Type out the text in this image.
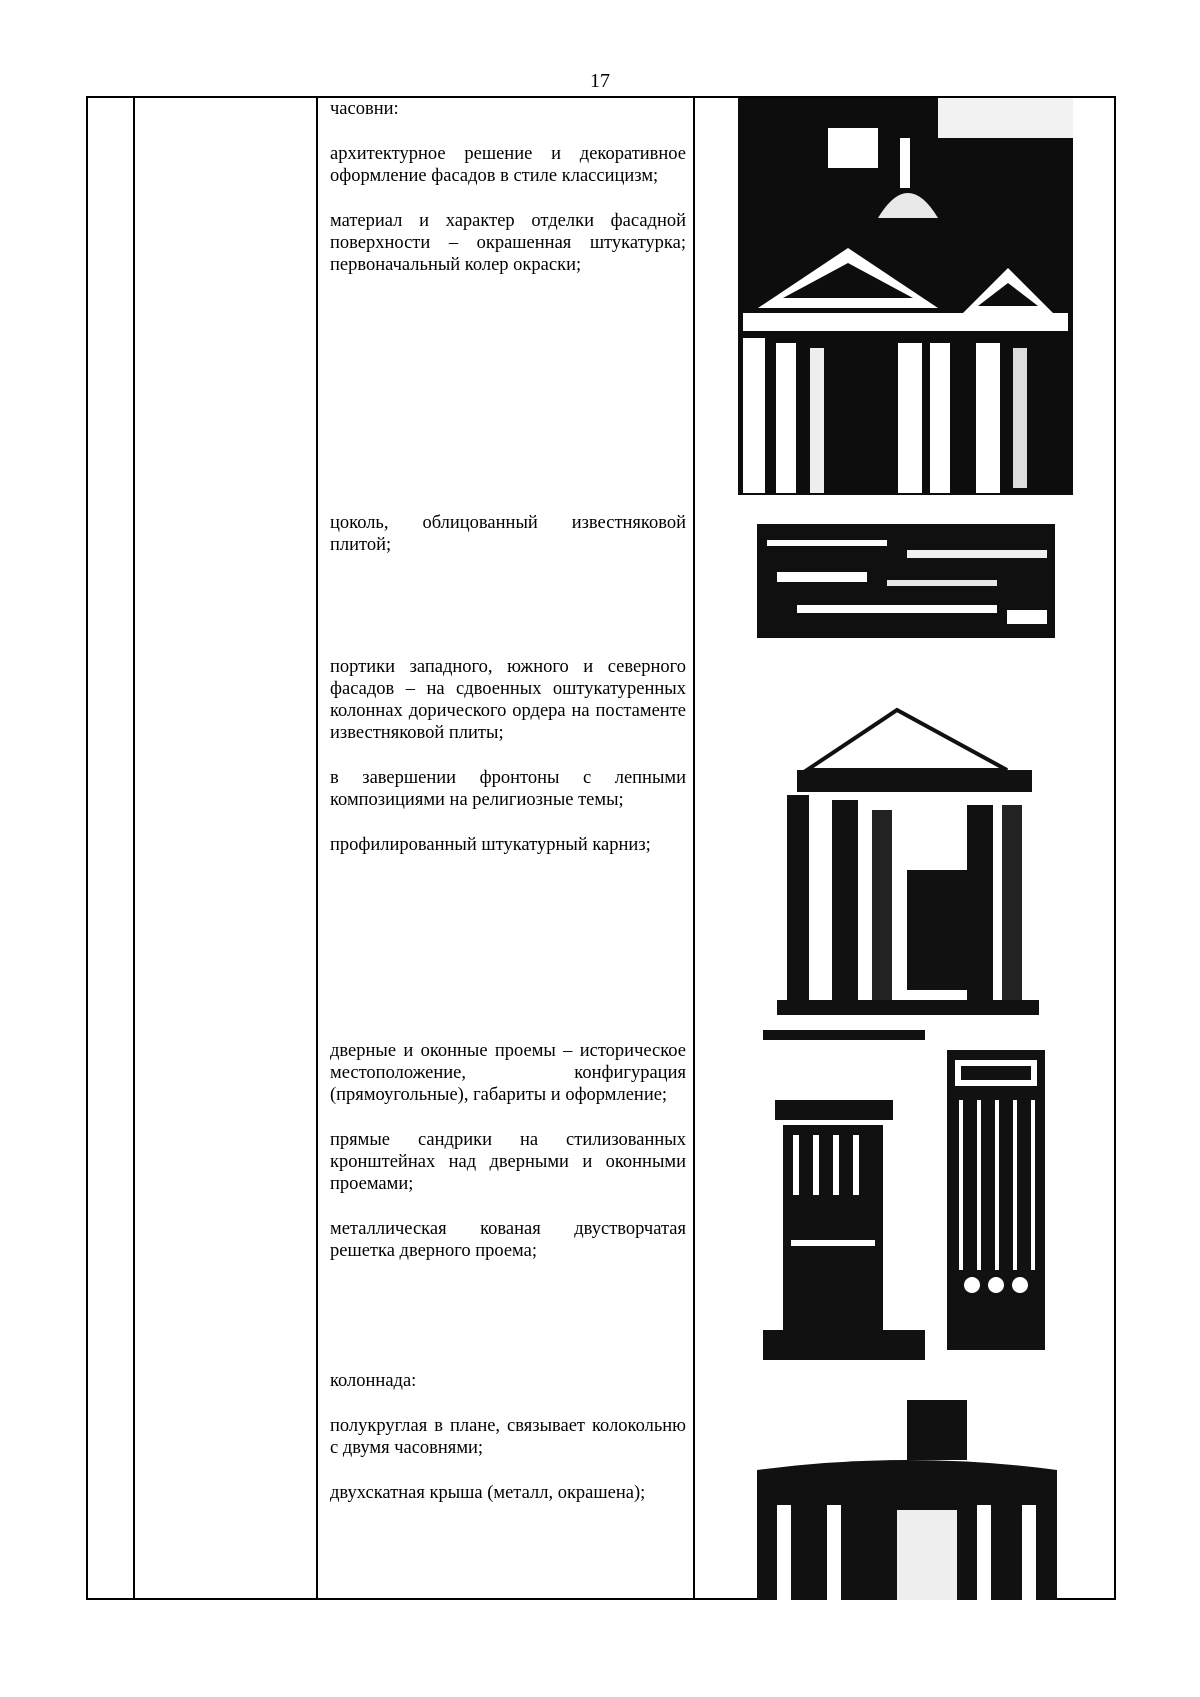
17

часовни:

архитектурное решение и декоративное оформление фасадов в стиле классицизм;

материал и характер отделки фасадной поверхности – окрашенная штукатурка; первоначальный колер окраски;

цоколь, облицованный известняковой плитой;

портики западного, южного и северного фасадов – на сдвоенных оштукатуренных колоннах дорического ордера на постаменте известняковой плиты;

в завершении фронтоны с лепными композициями на религиозные темы;

профилированный штукатурный карниз;

дверные и оконные проемы – историческое местоположение, конфигурация (прямоугольные), габариты и оформление;

прямые сандрики на стилизованных кронштейнах над дверными и оконными проемами;

металлическая кованая двустворчатая решетка дверного проема;

колоннада:

полукруглая в плане, связывает колокольню с двумя часовнями;

двухскатная крыша (металл, окрашена);
